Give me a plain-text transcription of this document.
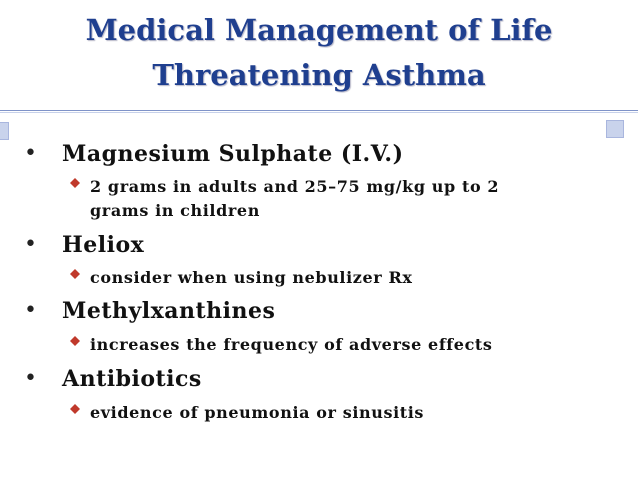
Medical Management of Life
Threatening Asthma
• Magnesium Sulphate (I.V.)
2 grams in adults and 25–75 mg/kg up to 2 grams in children
• Heliox
consider when using nebulizer Rx
• Methylxanthines
increases the frequency of adverse effects
• Antibiotics
evidence of pneumonia or sinusitis
